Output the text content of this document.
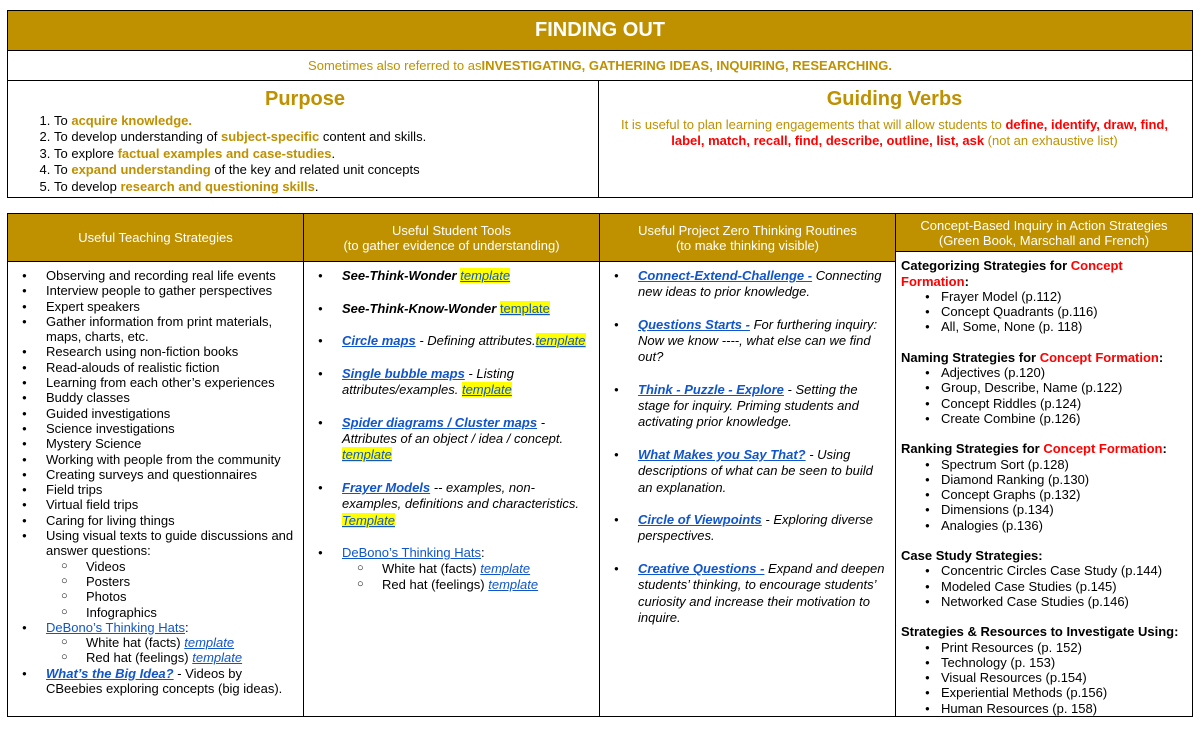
FINDING OUT
Sometimes also referred to as INVESTIGATING, GATHERING IDEAS, INQUIRING, RESEARCHING.
Purpose
1. To acquire knowledge.
2. To develop understanding of subject-specific content and skills.
3. To explore factual examples and case-studies.
4. To expand understanding of the key and related unit concepts
5. To develop research and questioning skills.
Guiding Verbs
It is useful to plan learning engagements that will allow students to define, identify, draw, find, label, match, recall, find, describe, outline, list, ask (not an exhaustive list)
Useful Teaching Strategies
● Observing and recording real life events
● Interview people to gather perspectives
● Expert speakers
● Gather information from print materials, maps, charts, etc.
● Research using non-fiction books
● Read-alouds of realistic fiction
● Learning from each other’s experiences
● Buddy classes
● Guided investigations
● Science investigations
● Mystery Science
● Working with people from the community
● Creating surveys and questionnaires
● Field trips
● Virtual field trips
● Caring for living things
● Using visual texts to guide discussions and answer questions:
○ Videos
○ Posters
○ Photos
○ Infographics
● DeBono’s Thinking Hats:
○ White hat (facts) template
○ Red hat (feelings) template
● What’s the Big Idea? - Videos by CBeebies exploring concepts (big ideas).
Useful Student Tools
(to gather evidence of understanding)
● See-Think-Wonder template
● See-Think-Know-Wonder template
● Circle maps - Defining attributes.template
● Single bubble maps - Listing attributes/examples. template
● Spider diagrams / Cluster maps - Attributes of an object / idea / concept. template
● Frayer Models -- examples, non-examples, definitions and characteristics. Template
● DeBono’s Thinking Hats:
○ White hat (facts) template
○ Red hat (feelings) template
Useful Project Zero Thinking Routines
(to make thinking visible)
● Connect-Extend-Challenge - Connecting new ideas to prior knowledge.
● Questions Starts - For furthering inquiry: Now we know ----, what else can we find out?
● Think - Puzzle - Explore - Setting the stage for inquiry. Priming students and activating prior knowledge.
● What Makes you Say That? - Using descriptions of what can be seen to build an explanation.
● Circle of Viewpoints - Exploring diverse perspectives.
● Creative Questions - Expand and deepen students’ thinking, to encourage students’ curiosity and increase their motivation to inquire.
Concept-Based Inquiry in Action Strategies
(Green Book, Marschall and French)
Categorizing Strategies for Concept Formation:
● Frayer Model (p.112)
● Concept Quadrants (p.116)
● All, Some, None (p. 118)
Naming Strategies for Concept Formation:
● Adjectives (p.120)
● Group, Describe, Name (p.122)
● Concept Riddles (p.124)
● Create Combine (p.126)
Ranking Strategies for Concept Formation:
● Spectrum Sort (p.128)
● Diamond Ranking (p.130)
● Concept Graphs (p.132)
● Dimensions (p.134)
● Analogies (p.136)
Case Study Strategies:
● Concentric Circles Case Study (p.144)
● Modeled Case Studies (p.145)
● Networked Case Studies (p.146)
Strategies & Resources to Investigate Using:
● Print Resources (p. 152)
● Technology (p. 153)
● Visual Resources (p.154)
● Experiential Methods (p.156)
● Human Resources (p. 158)
